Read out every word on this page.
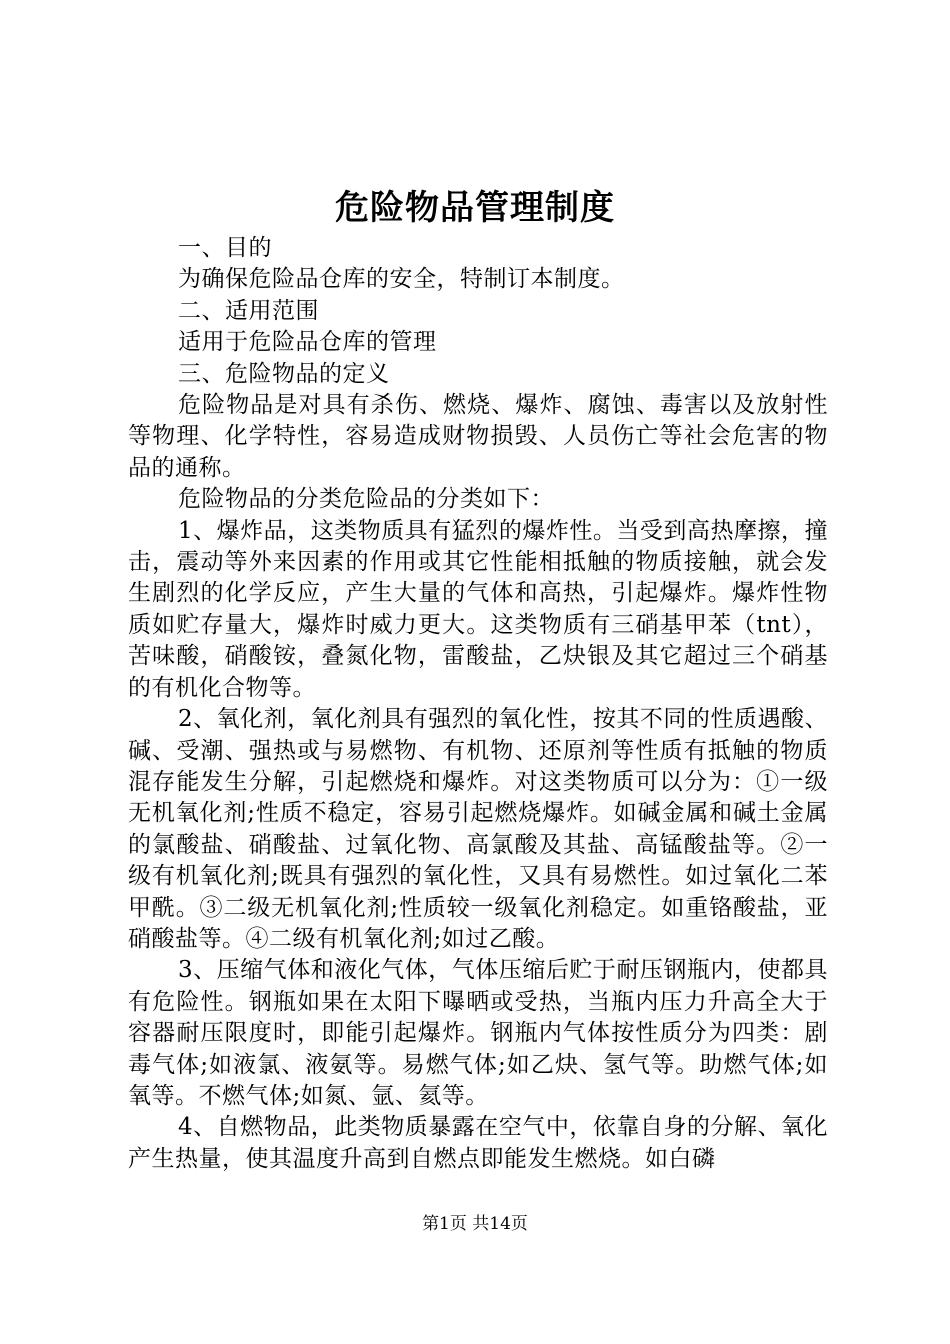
危险物品管理制度

一、目的

为确保危险品仓库的安全，特制订本制度。

二、适用范围

适用于危险品仓库的管理

三、危险物品的定义

危险物品是对具有杀伤、燃烧、爆炸、腐蚀、毒害以及放射性等物理、化学特性，容易造成财物损毁、人员伤亡等社会危害的物品的通称。

危险物品的分类危险品的分类如下：

1、爆炸品，这类物质具有猛烈的爆炸性。当受到高热摩擦，撞击，震动等外来因素的作用或其它性能相抵触的物质接触，就会发生剧烈的化学反应，产生大量的气体和高热，引起爆炸。爆炸性物质如贮存量大，爆炸时威力更大。这类物质有三硝基甲苯（tnt），苦味酸，硝酸铵，叠氮化物，雷酸盐，乙炔银及其它超过三个硝基的有机化合物等。

2、氧化剂，氧化剂具有强烈的氧化性，按其不同的性质遇酸、碱、受潮、强热或与易燃物、有机物、还原剂等性质有抵触的物质混存能发生分解，引起燃烧和爆炸。对这类物质可以分为：①一级无机氧化剂;性质不稳定，容易引起燃烧爆炸。如碱金属和碱土金属的氯酸盐、硝酸盐、过氧化物、高氯酸及其盐、高锰酸盐等。②一级有机氧化剂;既具有强烈的氧化性，又具有易燃性。如过氧化二苯甲酰。③二级无机氧化剂;性质较一级氧化剂稳定。如重铬酸盐，亚硝酸盐等。④二级有机氧化剂;如过乙酸。

3、压缩气体和液化气体，气体压缩后贮于耐压钢瓶内，使都具有危险性。钢瓶如果在太阳下曝晒或受热，当瓶内压力升高全大于容器耐压限度时，即能引起爆炸。钢瓶内气体按性质分为四类：剧毒气体;如液氯、液氨等。易燃气体;如乙炔、氢气等。助燃气体;如氧等。不燃气体;如氮、氩、氦等。

4、自燃物品，此类物质暴露在空气中，依靠自身的分解、氧化产生热量，使其温度升高到自燃点即能发生燃烧。如白磷

第1页 共14页
